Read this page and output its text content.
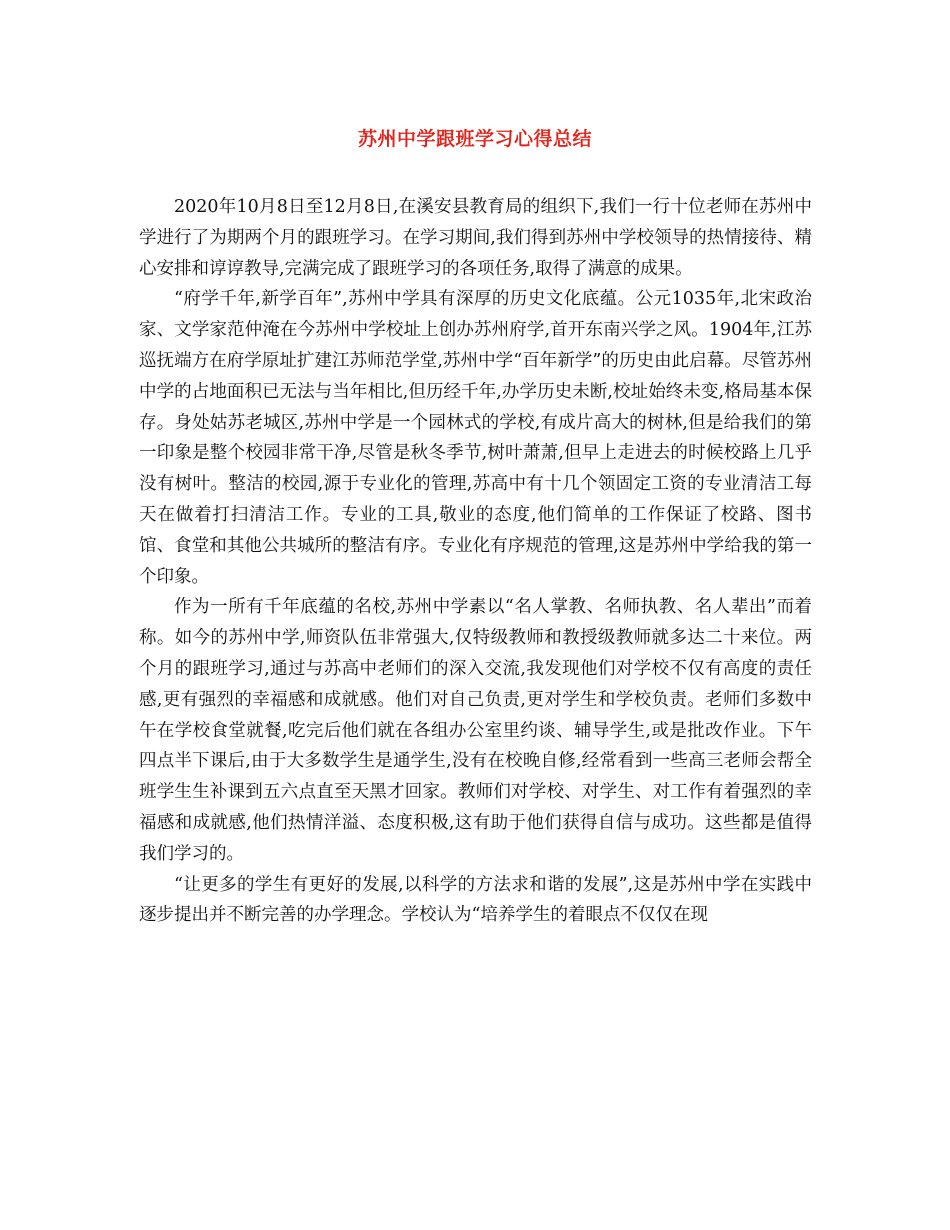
苏州中学跟班学习心得总结

2020年10月8日至12月8日,在溪安县教育局的组织下,我们一行十位老师在苏州中学进行了为期两个月的跟班学习。在学习期间,我们得到苏州中学校领导的热情接待、精心安排和谆谆教导,完满完成了跟班学习的各项任务,取得了满意的成果。

“府学千年,新学百年”,苏州中学具有深厚的历史文化底蕴。公元1035年,北宋政治家、文学家范仲淹在今苏州中学校址上创办苏州府学,首开东南兴学之风。1904年,江苏巡抚端方在府学原址扩建江苏师范学堂,苏州中学“百年新学”的历史由此启幕。尽管苏州中学的占地面积已无法与当年相比,但历经千年,办学历史未断,校址始终未变,格局基本保存。身处姑苏老城区,苏州中学是一个园林式的学校,有成片高大的树林,但是给我们的第一印象是整个校园非常干净,尽管是秋冬季节,树叶萧萧,但早上走进去的时候校路上几乎没有树叶。整洁的校园,源于专业化的管理,苏高中有十几个领固定工资的专业清洁工每天在做着打扫清洁工作。专业的工具,敬业的态度,他们简单的工作保证了校路、图书馆、食堂和其他公共城所的整洁有序。专业化有序规范的管理,这是苏州中学给我的第一个印象。

作为一所有千年底蕴的名校,苏州中学素以“名人掌教、名师执教、名人辈出”而着称。如今的苏州中学,师资队伍非常强大,仅特级教师和教授级教师就多达二十来位。两个月的跟班学习,通过与苏高中老师们的深入交流,我发现他们对学校不仅有高度的责任感,更有强烈的幸福感和成就感。他们对自己负责,更对学生和学校负责。老师们多数中午在学校食堂就餐,吃完后他们就在各组办公室里约谈、辅导学生,或是批改作业。下午四点半下课后,由于大多数学生是通学生,没有在校晚自修,经常看到一些高三老师会帮全班学生生补课到五六点直至天黑才回家。教师们对学校、对学生、对工作有着强烈的幸福感和成就感,他们热情洋溢、态度积极,这有助于他们获得自信与成功。这些都是值得我们学习的。

“让更多的学生有更好的发展,以科学的方法求和谐的发展”,这是苏州中学在实践中逐步提出并不断完善的办学理念。学校认为“培养学生的着眼点不仅仅在现
